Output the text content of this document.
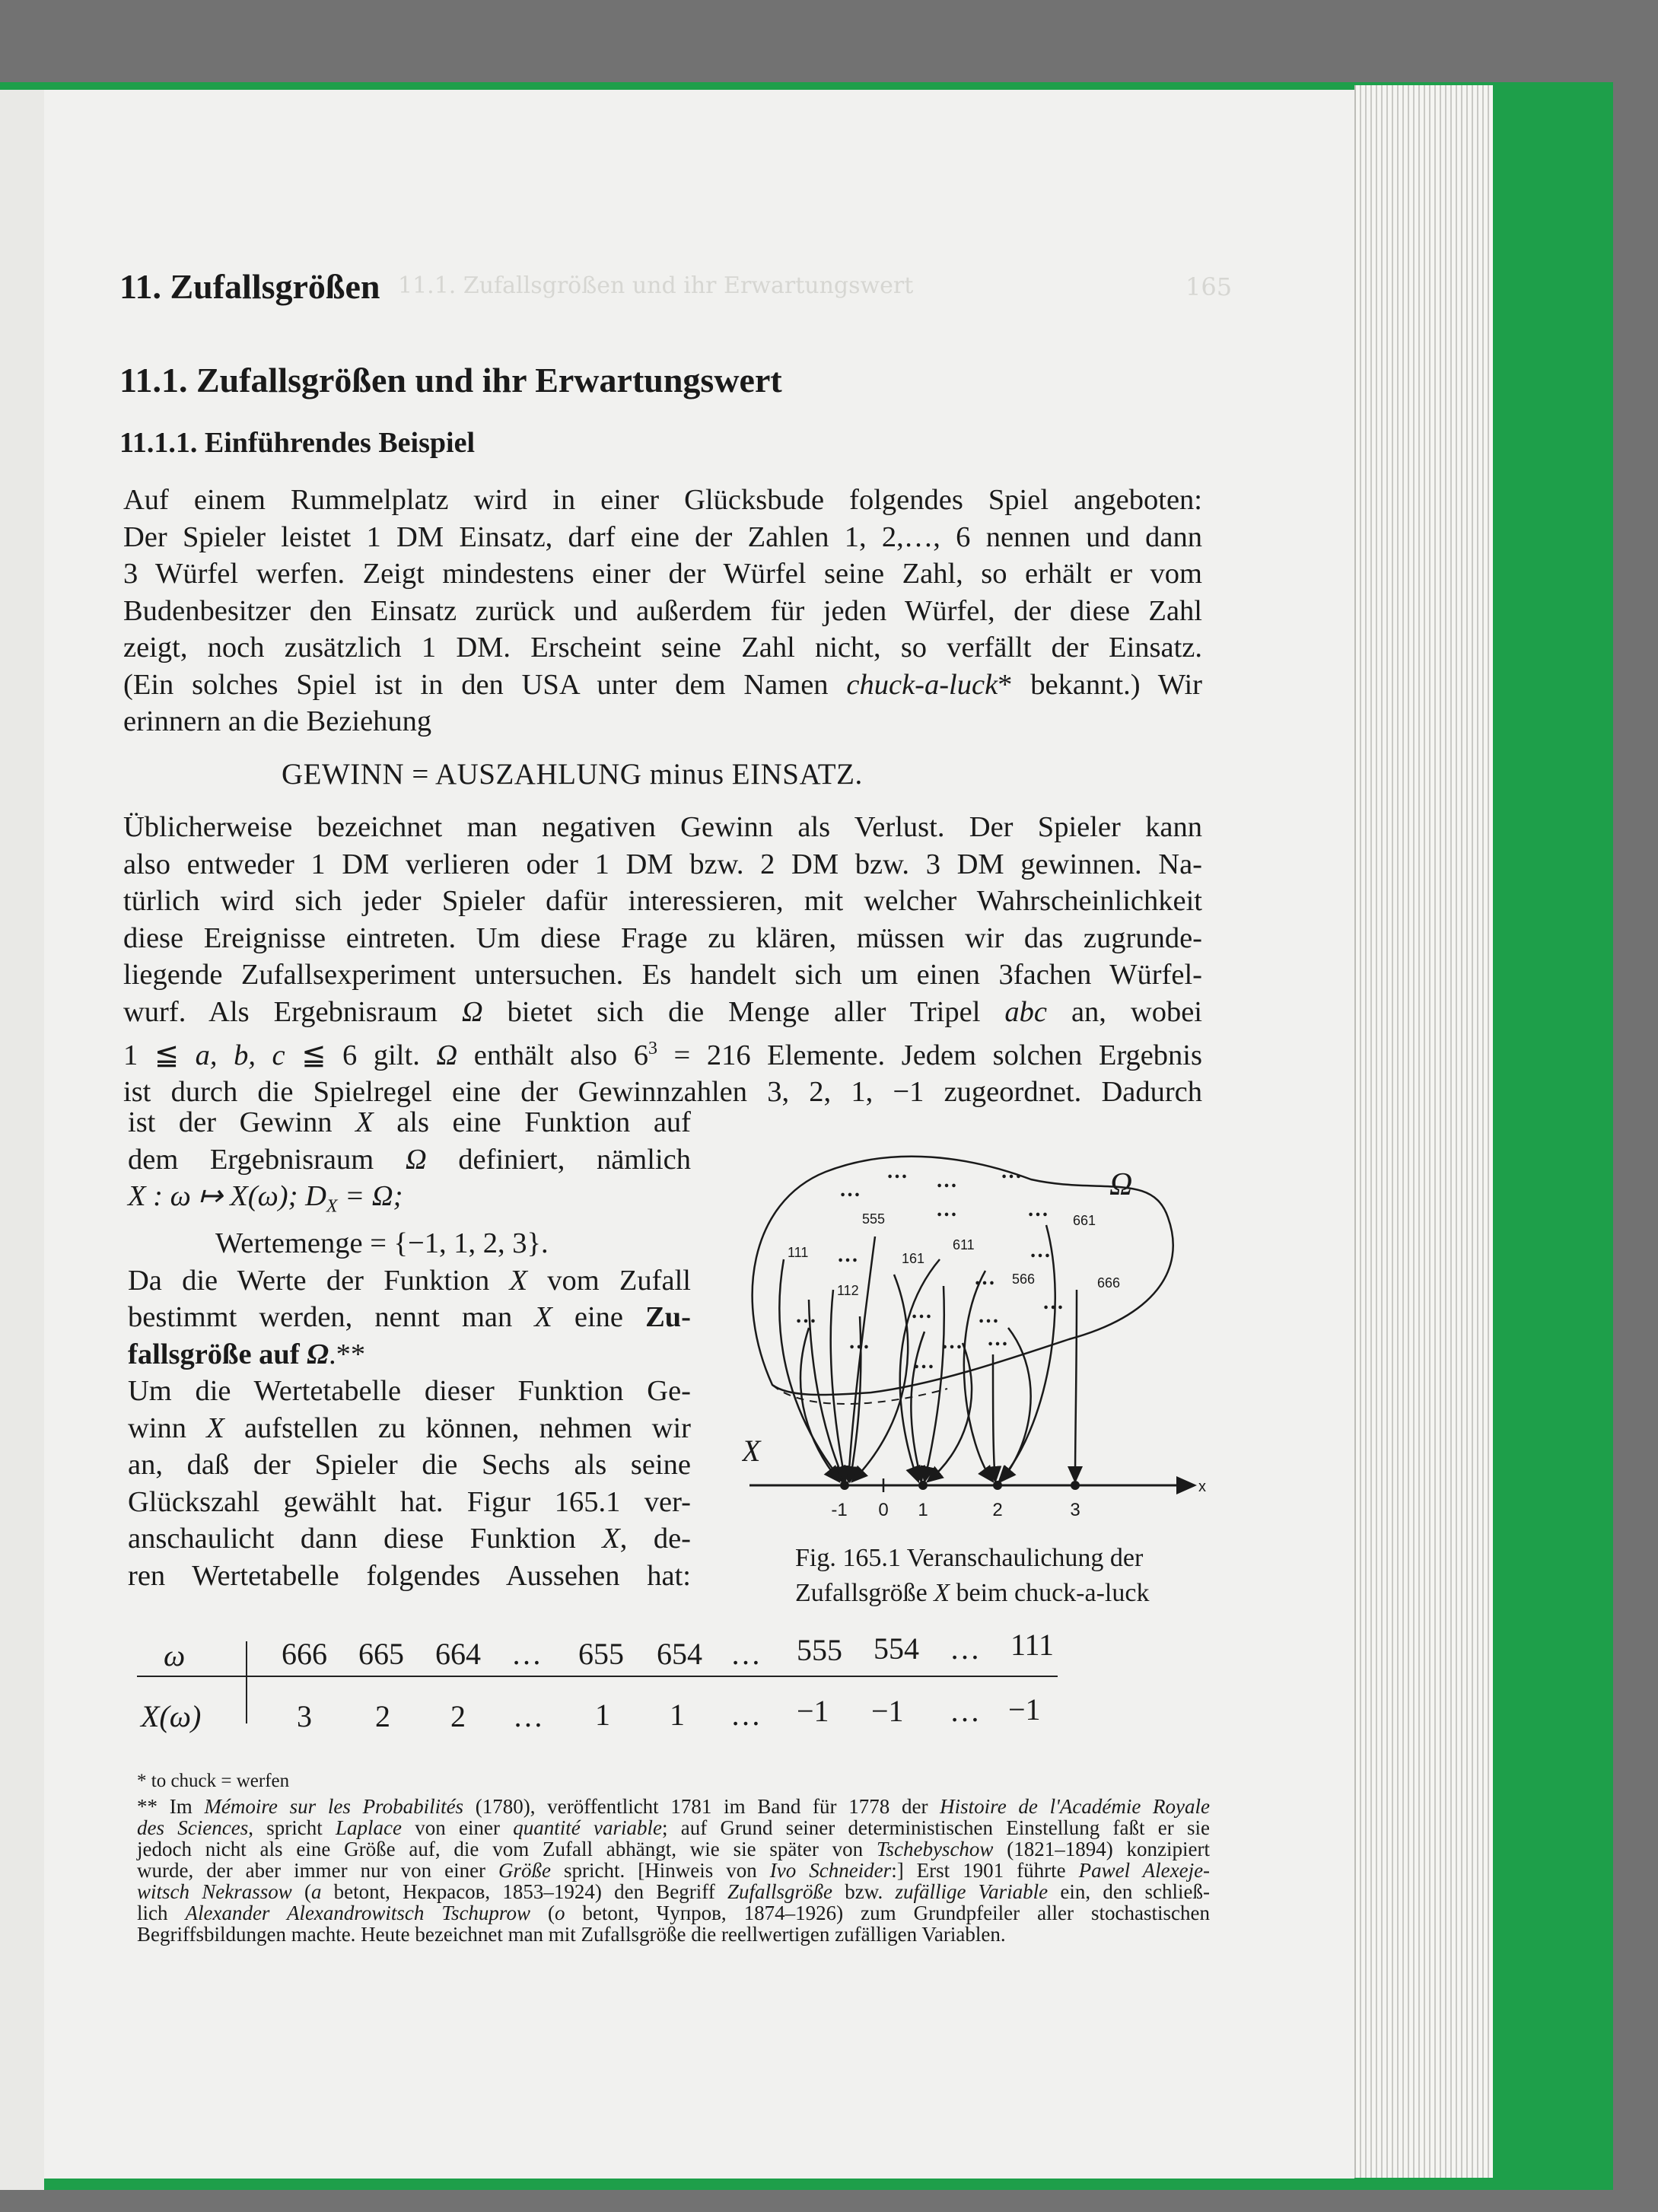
11.1. Zufallsgrößen und ihr Erwartungswert	165
11. Zufallsgrößen
11.1. Zufallsgrößen und ihr Erwartungswert
11.1.1. Einführendes Beispiel
Auf einem Rummelplatz wird in einer Glücksbude folgendes Spiel angeboten:
Der Spieler leistet 1 DM Einsatz, darf eine der Zahlen 1, 2,…, 6 nennen und dann
3 Würfel werfen. Zeigt mindestens einer der Würfel seine Zahl, so erhält er vom
Budenbesitzer den Einsatz zurück und außerdem für jeden Würfel, der diese Zahl
zeigt, noch zusätzlich 1 DM. Erscheint seine Zahl nicht, so verfällt der Einsatz.
(Ein solches Spiel ist in den USA unter dem Namen chuck-a-luck* bekannt.) Wir
erinnern an die Beziehung
GEWINN = AUSZAHLUNG minus EINSATZ.
Üblicherweise bezeichnet man negativen Gewinn als Verlust. Der Spieler kann
also entweder 1 DM verlieren oder 1 DM bzw. 2 DM bzw. 3 DM gewinnen. Na-
türlich wird sich jeder Spieler dafür interessieren, mit welcher Wahrscheinlichkeit
diese Ereignisse eintreten. Um diese Frage zu klären, müssen wir das zugrunde-
liegende Zufallsexperiment untersuchen. Es handelt sich um einen 3fachen Würfel-
wurf. Als Ergebnisraum Ω bietet sich die Menge aller Tripel abc an, wobei
1 ≦ a, b, c ≦ 6 gilt. Ω enthält also $6^3 = 216$ Elemente. Jedem solchen Ergebnis
ist durch die Spielregel eine der Gewinnzahlen 3, 2, 1, −1 zugeordnet. Dadurch
ist der Gewinn X als eine Funktion auf
dem Ergebnisraum Ω definiert, nämlich
X : ω ↦ X(ω); $D_X = \Omega$;
Wertemenge = {−1, 1, 2, 3}.
Da die Werte der Funktion X vom Zufall
bestimmt werden, nennt man X eine Zu-
fallsgröße auf Ω.**
Um die Wertetabelle dieser Funktion Ge-
winn X aufstellen zu können, nehmen wir
an, daß der Spieler die Sechs als seine
Glückszahl gewählt hat. Figur 165.1 ver-
anschaulicht dann diese Funktion X, de-
ren Wertetabelle folgendes Aussehen hat:
Ω
X
111 112 555 161 611 566 661 666
…
…	… …
…	…
…	…
…
…
…
…
…
…	… …
…
x
-1 0 1	2	3
Fig. 165.1 Veranschaulichung der
Zufallsgröße X beim chuck-a-luck
ω
X(ω)
666 665 664 … 655 654 … 555 554 … 111
3 2 2 … 1 1 … −1 −1 … −1
* to chuck = werfen
** Im Mémoire sur les Probabilités (1780), veröffentlicht 1781 im Band für 1778 der Histoire de l'Académie Royale
des Sciences, spricht Laplace von einer quantité variable; auf Grund seiner deterministischen Einstellung faßt er sie
jedoch nicht als eine Größe auf, die vom Zufall abhängt, wie sie später von Tschebyschow (1821–1894) konzipiert
wurde, der aber immer nur von einer Größe spricht. [Hinweis von Ivo Schneider:] Erst 1901 führte Pawel Alexeje-
witsch Nekrassow (a betont, Некрасов, 1853–1924) den Begriff Zufallsgröße bzw. zufällige Variable ein, den schließ-
lich Alexander Alexandrowitsch Tschuprow (o betont, Чупров, 1874–1926) zum Grundpfeiler aller stochastischen
Begriffsbildungen machte. Heute bezeichnet man mit Zufallsgröße die reellwertigen zufälligen Variablen.
